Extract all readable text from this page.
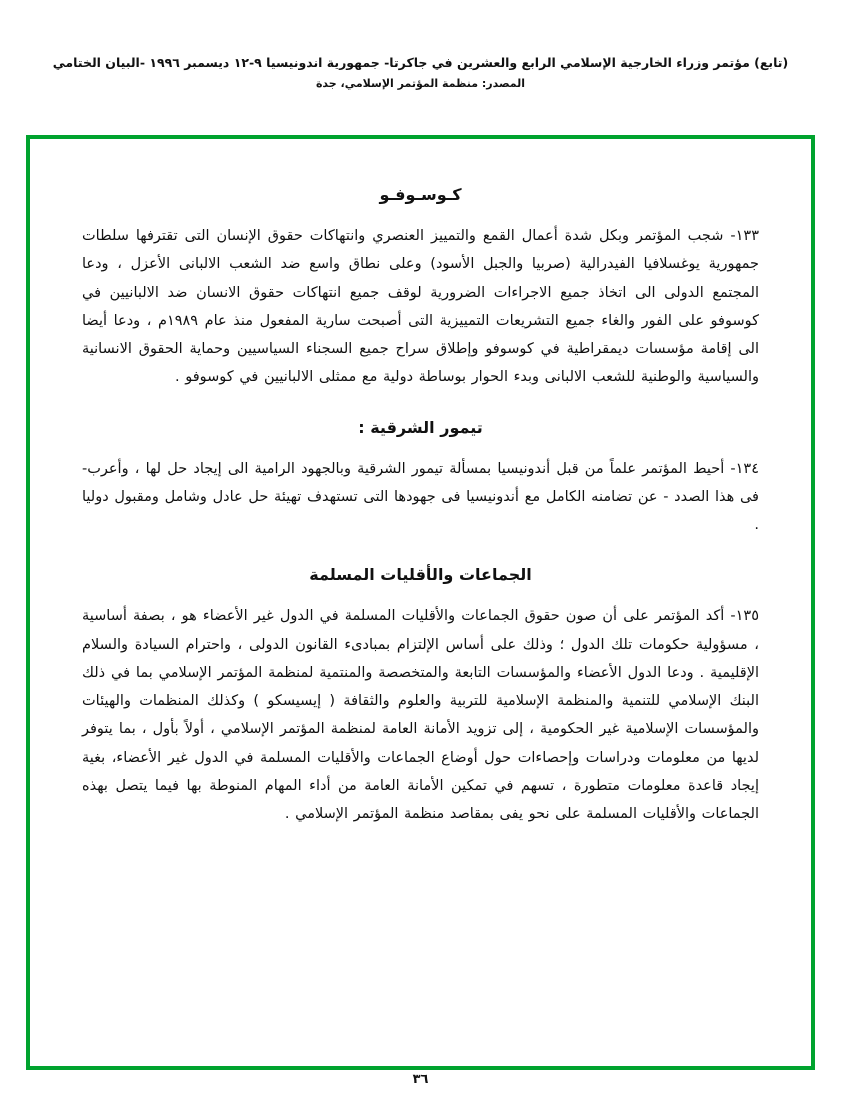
(تابع) مؤتمر وزراء الخارجية الإسلامي الرابع والعشرين في جاكرتا- جمهورية اندونيسيا ٩-١٢ ديسمبر ١٩٩٦ -البيان الختامي
المصدر: منظمة المؤتمر الإسلامي، جدة
كـوسـوفـو

١٣٣- شجب المؤتمر وبكل شدة أعمال القمع والتمييز العنصري وانتهاكات حقوق الإنسان التى تقترفها سلطات جمهورية يوغسلافيا الفيدرالية (صربيا والجبل الأسود) وعلى نطاق واسع ضد الشعب الالبانى الأعزل ، ودعا المجتمع الدولى الى اتخاذ جميع الاجراءات الضرورية لوقف جميع انتهاكات حقوق الانسان ضد الالبانيين في كوسوفو على الفور والغاء جميع التشريعات التمييزية التى أصبحت سارية المفعول منذ عام ١٩٨٩م ، ودعا أيضا الى إقامة مؤسسات ديمقراطية في كوسوفو وإطلاق سراح جميع السجناء السياسيين وحماية الحقوق الانسانية والسياسية والوطنية للشعب الالبانى وبدء الحوار بوساطة دولية مع ممثلى الالبانيين في كوسوفو .

تيمور الشرقية :

١٣٤- أحيط المؤتمر علماً من قبل أندونيسيا بمسألة تيمور الشرقية وبالجهود الرامية الى إيجاد حل لها ، وأعرب- فى هذا الصدد - عن تضامنه الكامل مع أندونيسيا فى جهودها التى تستهدف تهيئة حل عادل وشامل ومقبول دوليا .

الجماعات والأقليات المسلمة

١٣٥- أكد المؤتمر على أن صون حقوق الجماعات والأقليات المسلمة في الدول غير الأعضاء هو ، بصفة أساسية ، مسؤولية حكومات تلك الدول ؛ وذلك على أساس الإلتزام بمبادىء القانون الدولى ، واحترام السيادة والسلام الإقليمية . ودعا الدول الأعضاء والمؤسسات التابعة والمتخصصة والمنتمية لمنظمة المؤتمر الإسلامي بما في ذلك البنك الإسلامي للتنمية والمنظمة الإسلامية للتربية والعلوم والثقافة ( إيسيسكو ) وكذلك المنظمات والهيئات والمؤسسات الإسلامية غير الحكومية ، إلى تزويد الأمانة العامة لمنظمة المؤتمر الإسلامي ، أولاً بأول ، بما يتوفر لديها من معلومات ودراسات وإحصاءات حول أوضاع الجماعات والأقليات المسلمة في الدول غير الأعضاء، بغية إيجاد قاعدة معلومات متطورة ، تسهم في تمكين الأمانة العامة من أداء المهام المنوطة بها فيما يتصل بهذه الجماعات والأقليات المسلمة على نحو يفى بمقاصد منظمة المؤتمر الإسلامي .

٣٦
